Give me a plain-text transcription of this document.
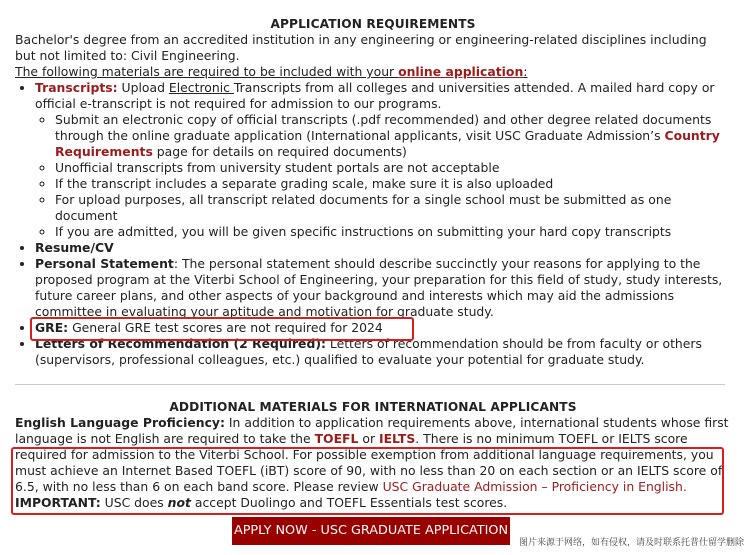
APPLICATION REQUIREMENTS

Bachelor's degree from an accredited institution in any engineering or engineering-related disciplines including but not limited to: Civil Engineering.

The following materials are required to be included with your online application:

• Transcripts: Upload Electronic Transcripts from all colleges and universities attended. A mailed hard copy or official e-transcript is not required for admission to our programs.
◦ Submit an electronic copy of official transcripts (.pdf recommended) and other degree related documents through the online graduate application (International applicants, visit USC Graduate Admission’s Country Requirements page for details on required documents)
◦ Unofficial transcripts from university student portals are not acceptable
◦ If the transcript includes a separate grading scale, make sure it is also uploaded
◦ For upload purposes, all transcript related documents for a single school must be submitted as one document
◦ If you are admitted, you will be given specific instructions on submitting your hard copy transcripts
• Resume/CV
• Personal Statement: The personal statement should describe succinctly your reasons for applying to the proposed program at the Viterbi School of Engineering, your preparation for this field of study, study interests, future career plans, and other aspects of your background and interests which may aid the admissions committee in evaluating your aptitude and motivation for graduate study.
• GRE: General GRE test scores are not required for 2024
• Letters of Recommendation (2 Required): Letters of recommendation should be from faculty or others (supervisors, professional colleagues, etc.) qualified to evaluate your potential for graduate study.
ADDITIONAL MATERIALS FOR INTERNATIONAL APPLICANTS

English Language Proficiency: In addition to application requirements above, international students whose first language is not English are required to take the TOEFL or IELTS. There is no minimum TOEFL or IELTS score required for admission to the Viterbi School. For possible exemption from additional language requirements, you must achieve an Internet Based TOEFL (iBT) score of 90, with no less than 20 on each section or an IELTS score of 6.5, with no less than 6 on each band score. Please review USC Graduate Admission – Proficiency in English.

IMPORTANT: USC does not accept Duolingo and TOEFL Essentials test scores.

APPLY NOW - USC GRADUATE APPLICATION
图片来源于网络，如有侵权，请及时联系托普仕留学删除
